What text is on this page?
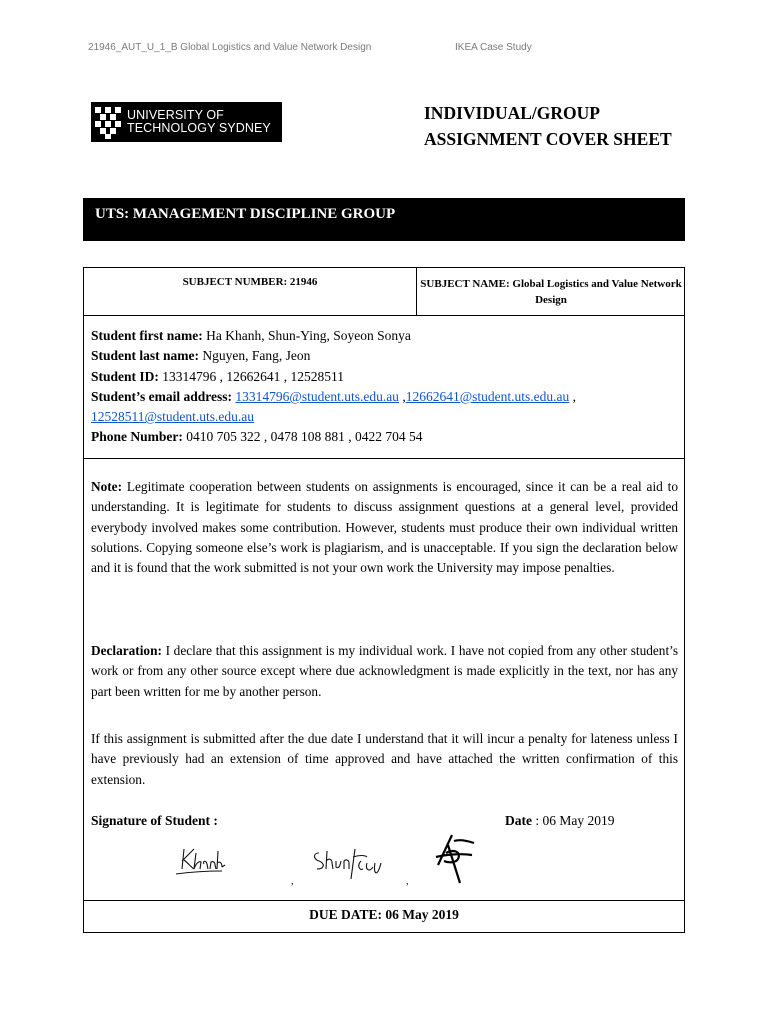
21946_AUT_U_1_B Global Logistics and Value Network Design	IKEA Case Study
UNIVERSITY OF
TECHNOLOGY SYDNEY
INDIVIDUAL/GROUP
ASSIGNMENT COVER SHEET
UTS: MANAGEMENT DISCIPLINE GROUP
SUBJECT NUMBER: 21946	SUBJECT NAME: Global Logistics and Value Network Design
Student first name: Ha Khanh, Shun-Ying, Soyeon Sonya
Student last name: Nguyen, Fang, Jeon
Student ID: 13314796 , 12662641 , 12528511
Student’s email address: 13314796@student.uts.edu.au ,12662641@student.uts.edu.au ,
12528511@student.uts.edu.au
Phone Number: 0410 705 322 , 0478 108 881 , 0422 704 54
Note: Legitimate cooperation between students on assignments is encouraged, since it can be a real aid to understanding. It is legitimate for students to discuss assignment questions at a general level, provided everybody involved makes some contribution. However, students must produce their own individual written solutions. Copying someone else’s work is plagiarism, and is unacceptable. If you sign the declaration below and it is found that the work submitted is not your own work the University may impose penalties.
Declaration: I declare that this assignment is my individual work. I have not copied from any other student’s work or from any other source except where due acknowledgment is made explicitly in the text, nor has any part been written for me by another person.
If this assignment is submitted after the due date I understand that it will incur a penalty for lateness unless I have previously had an extension of time approved and have attached the written confirmation of this extension.
Signature of Student :	Date : 06 May 2019
,	,
DUE DATE: 06 May 2019
